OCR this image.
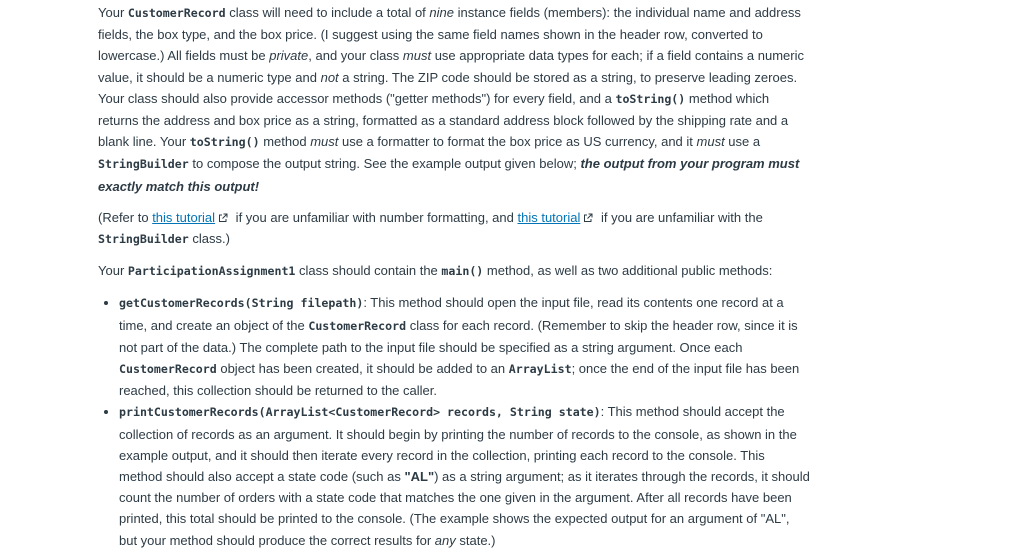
Your CustomerRecord class will need to include a total of nine instance fields (members): the individual name and address fields, the box type, and the box price. (I suggest using the same field names shown in the header row, converted to lowercase.) All fields must be private, and your class must use appropriate data types for each; if a field contains a numeric value, it should be a numeric type and not a string. The ZIP code should be stored as a string, to preserve leading zeroes. Your class should also provide accessor methods ("getter methods") for every field, and a toString() method which returns the address and box price as a string, formatted as a standard address block followed by the shipping rate and a blank line. Your toString() method must use a formatter to format the box price as US currency, and it must use a StringBuilder to compose the output string. See the example output given below; the output from your program must exactly match this output!

(Refer to this tutorial if you are unfamiliar with number formatting, and this tutorial if you are unfamiliar with the StringBuilder class.)

Your ParticipationAssignment1 class should contain the main() method, as well as two additional public methods:

• getCustomerRecords(String filepath): This method should open the input file, read its contents one record at a time, and create an object of the CustomerRecord class for each record. (Remember to skip the header row, since it is not part of the data.) The complete path to the input file should be specified as a string argument. Once each CustomerRecord object has been created, it should be added to an ArrayList; once the end of the input file has been reached, this collection should be returned to the caller.
• printCustomerRecords(ArrayList<CustomerRecord> records, String state): This method should accept the collection of records as an argument. It should begin by printing the number of records to the console, as shown in the example output, and it should then iterate every record in the collection, printing each record to the console. This method should also accept a state code (such as "AL") as a string argument; as it iterates through the records, it should count the number of orders with a state code that matches the one given in the argument. After all records have been printed, this total should be printed to the console. (The example shows the expected output for an argument of "AL", but your method should produce the correct results for any state.)
